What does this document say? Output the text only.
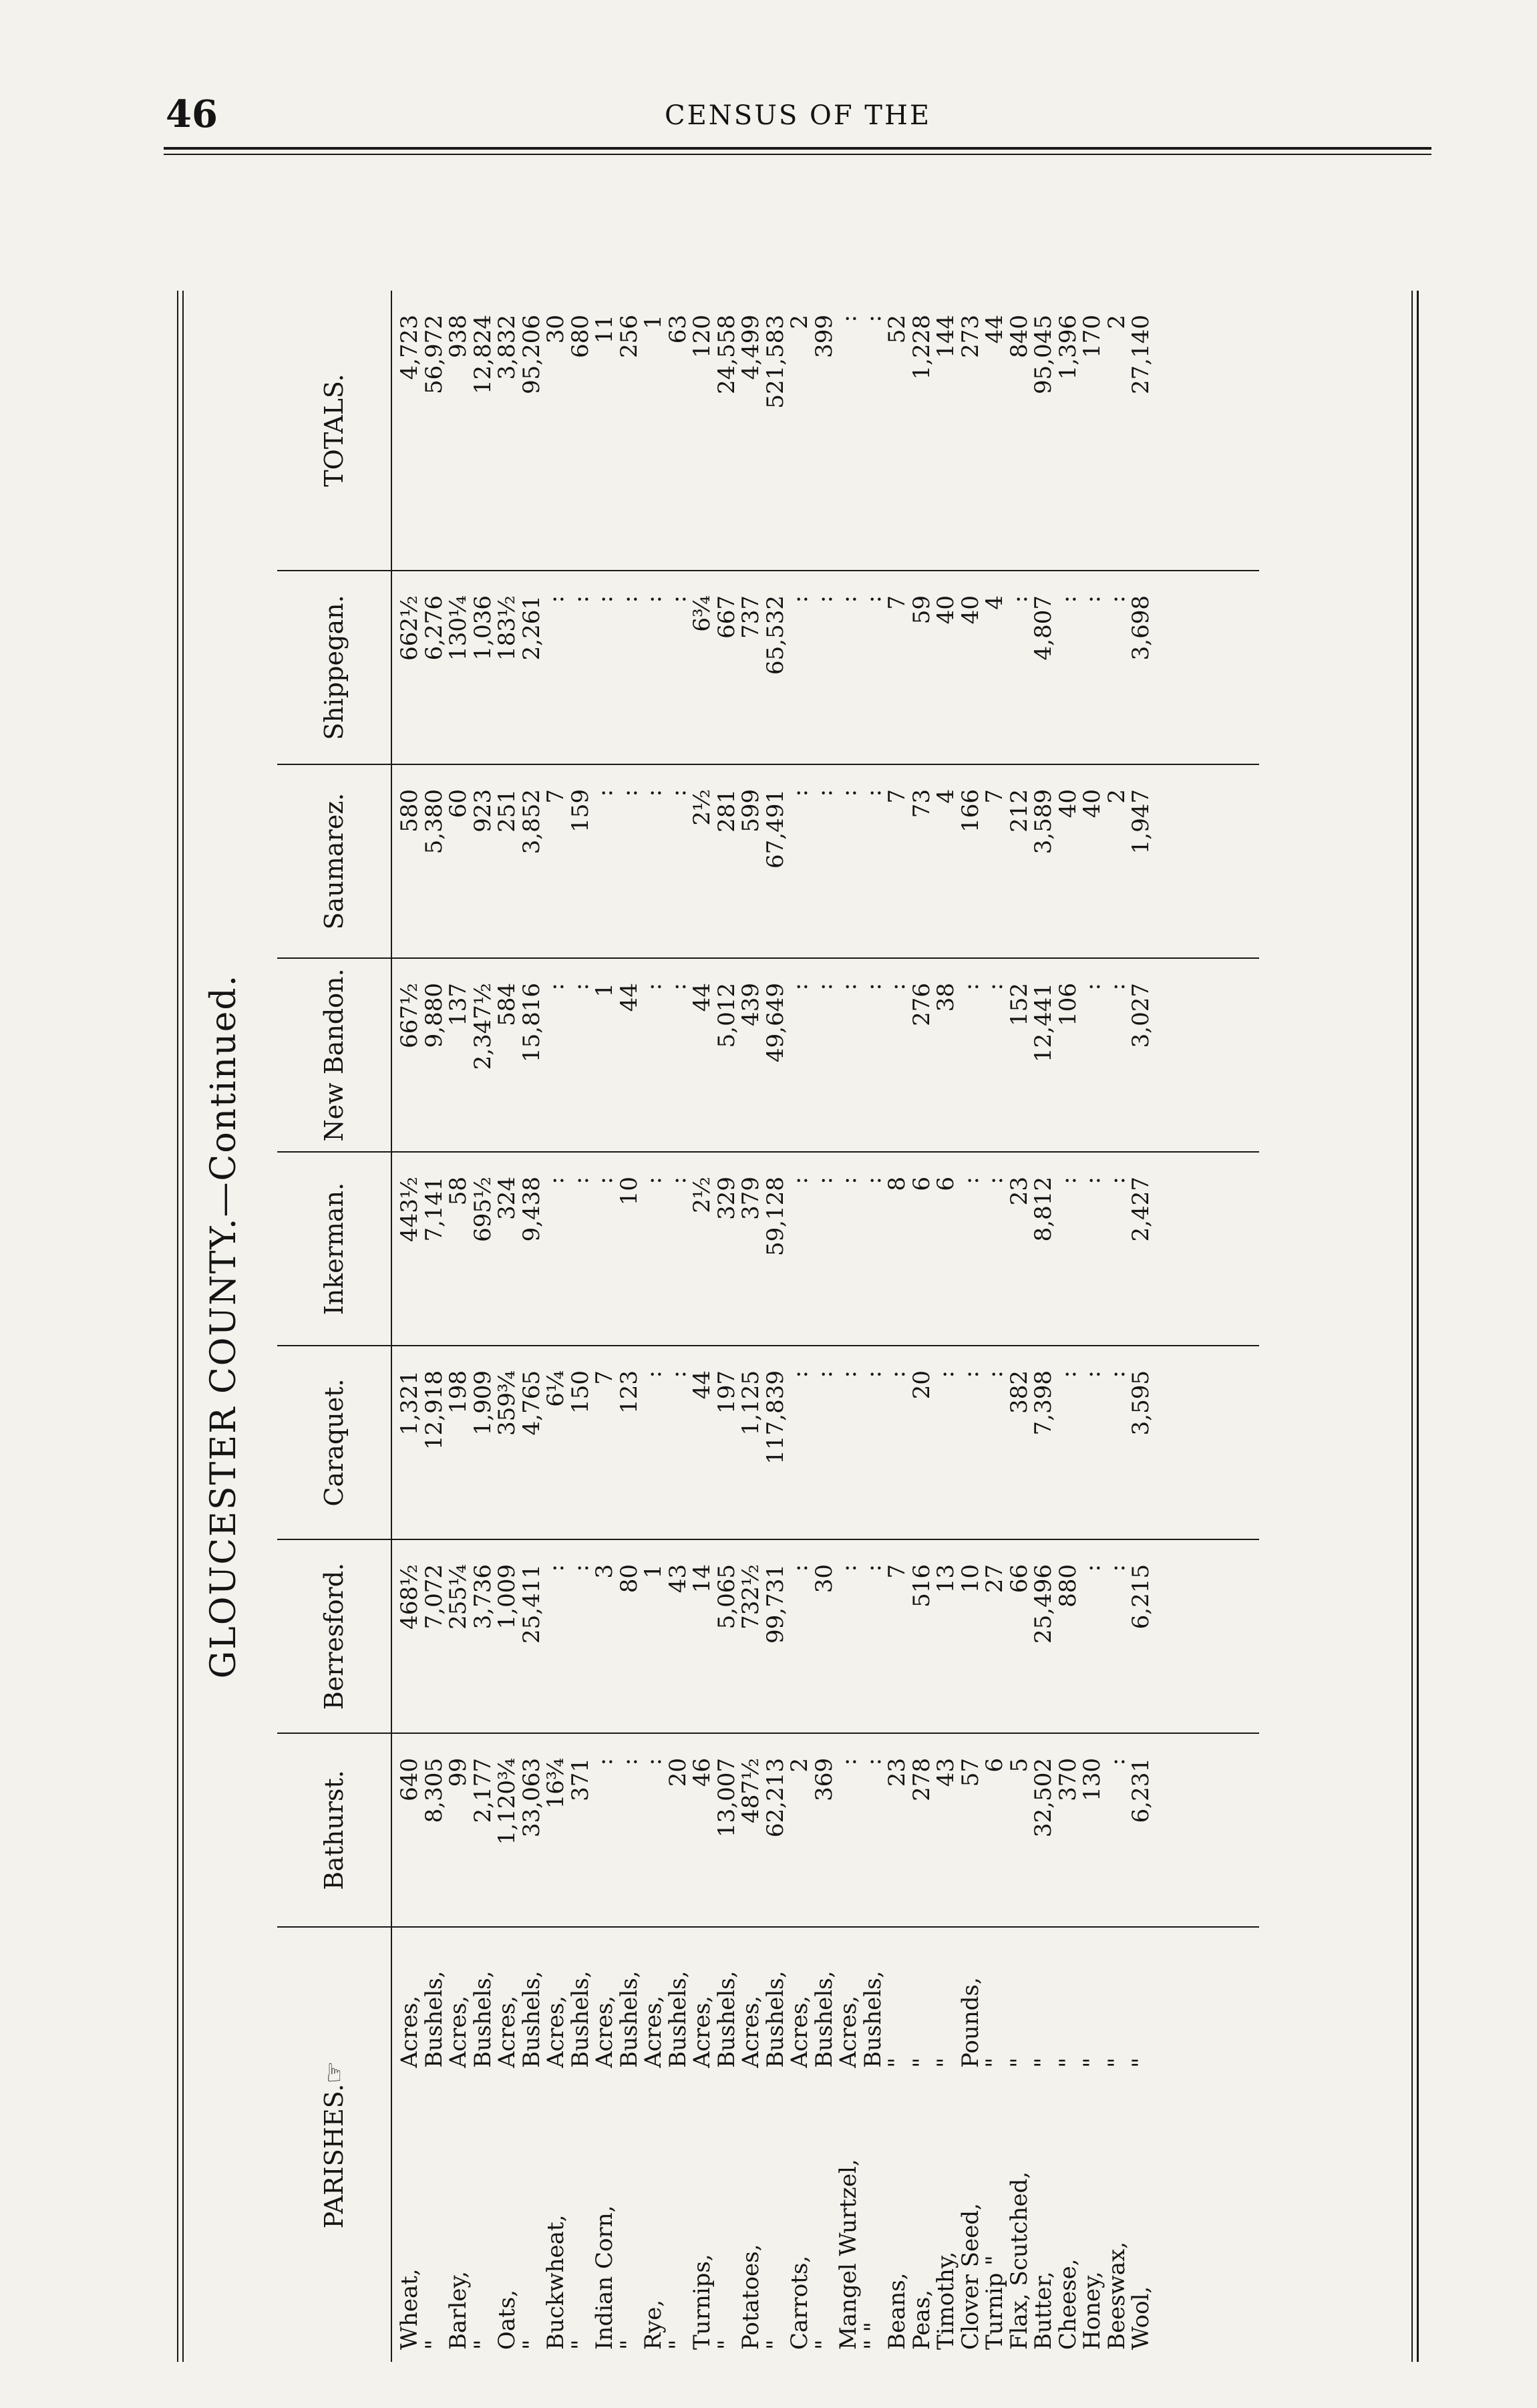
46	CENSUS OF THE
GLOUCESTER COUNTY.—Continued.
PARISHES.☞
Bathurst.
Berresford.
Caraquet.
Inkerman.
New Bandon.
Saumarez.
Shippegan.
TOTALS.
Wheat,
Acres,
640
468½
1,321
443½
667½
580
662½
4,723
"
Bushels,
8,305
7,072
12,918
7,141
9,880
5,380
6,276
56,972
Barley,
Acres,
99
255¼
198
58
137
60
130¼
938
"
Bushels,
2,177
3,736
1,909
695½
2,347½
923
1,036
12,824
Oats,
Acres,
1,120¾
1,009
359¾
324
584
251
183½
3,832
"
Bushels,
33,063
25,411
4,765
9,438
15,816
3,852
2,261
95,206
Buckwheat,
Acres,
16¾
:
6¼
:
:
7
:
30
"
Bushels,
371
:
150
:
:
159
:
680
Indian Corn,
Acres,
:
3
7
:
1
:
:
11
"
Bushels,
:
80
123
10
44
:
:
256
Rye,
Acres,
:
1
:
:
:
:
:
1
"
Bushels,
20
43
:
:
:
:
:
63
Turnips,
Acres,
46
14
44
2½
44
2½
6¾
120
"
Bushels,
13,007
5,065
197
329
5,012
281
667
24,558
Potatoes,
Acres,
487½
732½
1,125
379
439
599
737
4,499
"
Bushels,
62,213
99,731
117,839
59,128
49,649
67,491
65,532
521,583
Carrots,
Acres,
2
:
:
:
:
:
:
2
"
Bushels,
369
30
:
:
:
:
:
399
Mangel Wurtzel,
Acres,
:
:
:
:
:
:
:
:
" "
Bushels,
:
:
:
:
:
:
:
:
Beans,
"
23
7
:
8
:
7
7
52
Peas,
"
278
516
20
6
276
73
59
1,228
Timothy,
"
43
13
:
6
38
4
40
144
Clover Seed,
Pounds,
57
10
:
:
:
166
40
273
Turnip "
"
6
27
:
:
:
7
4
44
Flax, Scutched,
"
5
66
382
23
152
212
:
840
Butter,
"
32,502
25,496
7,398
8,812
12,441
3,589
4,807
95,045
Cheese,
"
370
880
:
:
106
40
:
1,396
Honey,
"
130
:
:
:
:
40
:
170
Beeswax,
"
:
:
:
:
:
2
:
2
Wool,
"
6,231
6,215
3,595
2,427
3,027
1,947
3,698
27,140
